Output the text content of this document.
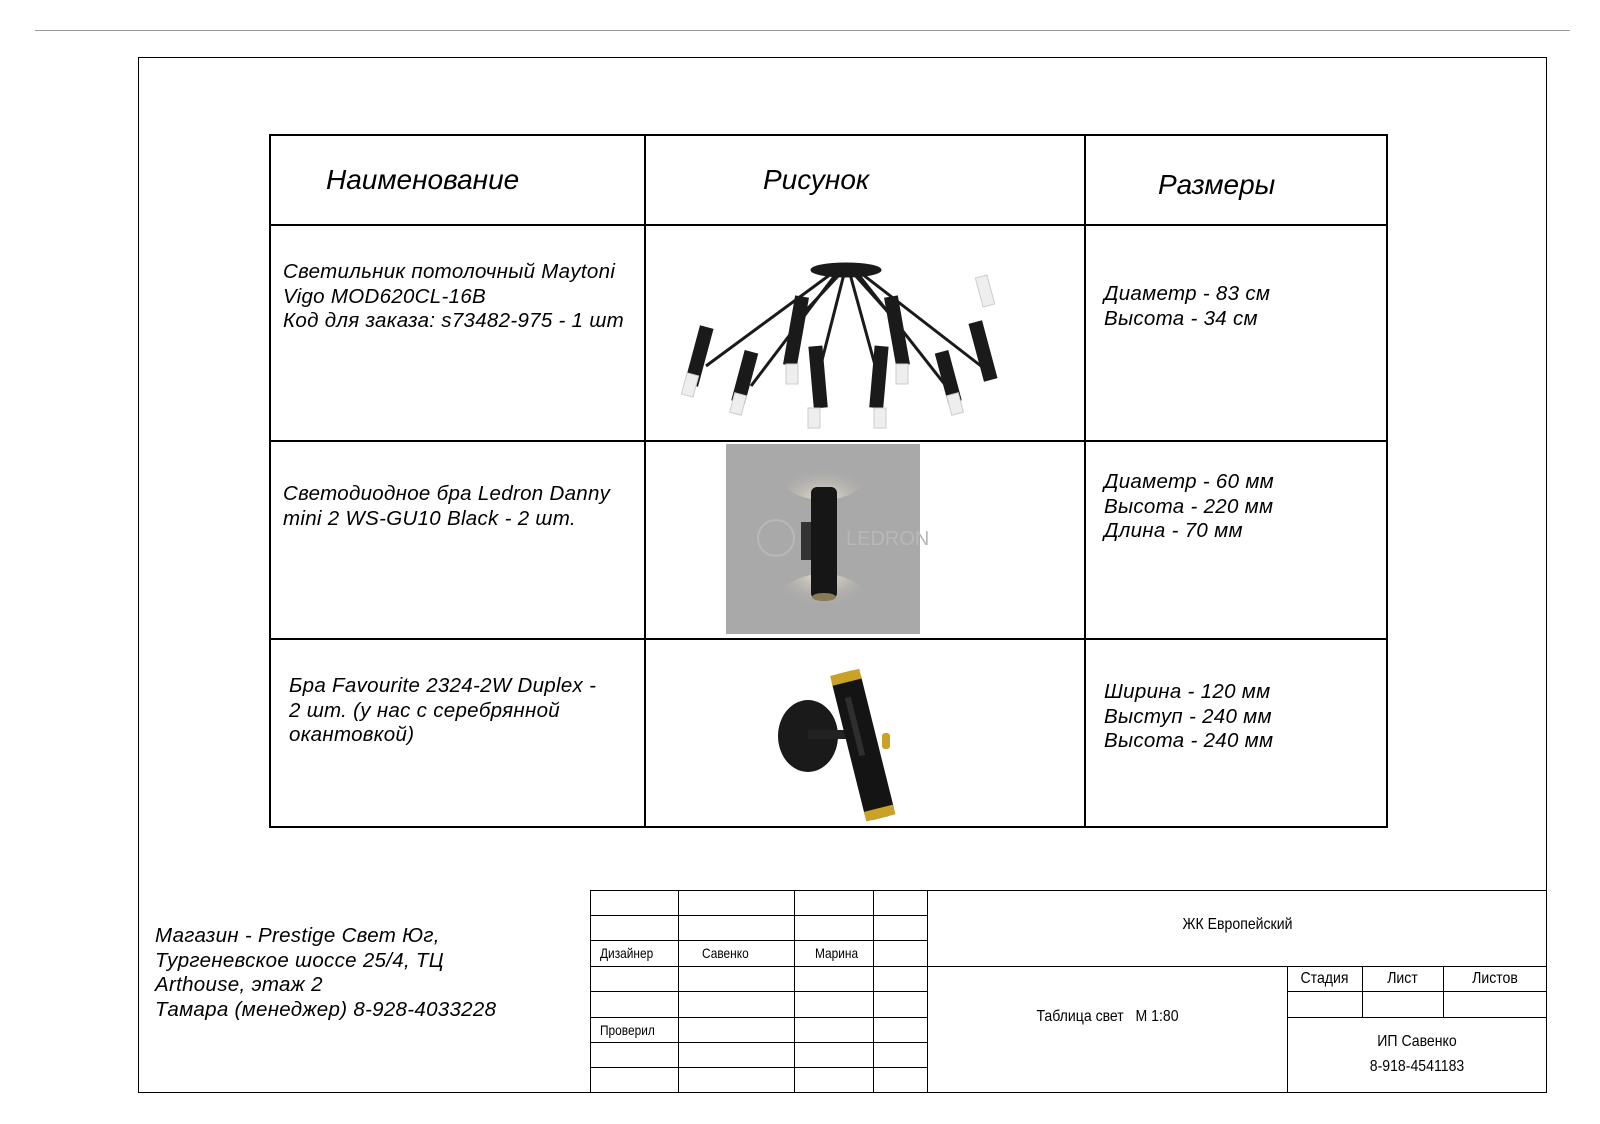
Наименование	Рисунок	Размеры

Светильник потолочный Maytoni
Vigo MOD620CL-16B
Код для заказа: s73482-975 - 1 шт		Диаметр - 83 см
Высота - 34 см

Светодиодное бра Ledron Danny
mini 2 WS-GU10 Black - 2 шт.	LEDRON	Диаметр - 60 мм
Высота - 220 мм
Длина - 70 мм

Бра Favourite 2324-2W Duplex -
2 шт. (у нас с серебрянной
окантовкой)		Ширина - 120 мм
Выступ - 240 мм
Высота - 240 мм
Магазин - Prestige Свет Юг,
Тургеневское шоссе 25/4, ТЦ
Arthouse, этаж 2
Тамара (менеджер) 8-928-4033228
Дизайнер	Савенко	Марина
Проверил
ЖК Европейский
Таблица свет   М 1:80
Стадия	Лист	Листов
ИП Савенко
8-918-4541183
